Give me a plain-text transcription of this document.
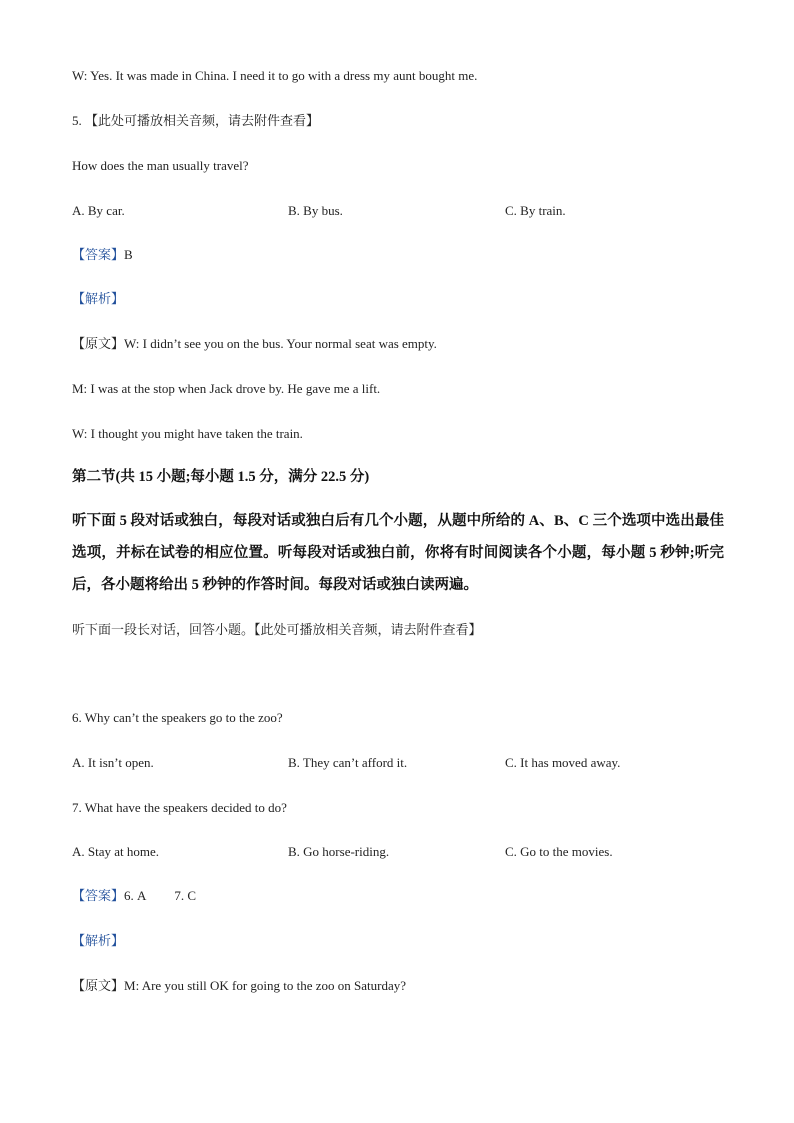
W: Yes. It was made in China. I need it to go with a dress my aunt bought me.
5. 【此处可播放相关音频，请去附件查看】
How does the man usually travel?
A. By car.	B. By bus.	C. By train.
【答案】B
【解析】
【原文】W: I didn’t see you on the bus. Your normal seat was empty.
M: I was at the stop when Jack drove by. He gave me a lift.
W: I thought you might have taken the train.
第二节(共 15 小题;每小题 1.5 分，满分 22.5 分)
听下面 5 段对话或独白，每段对话或独白后有几个小题，从题中所给的 A、B、C 三个选项中选出最佳选项，并标在试卷的相应位置。听每段对话或独白前，你将有时间阅读各个小题，每小题 5 秒钟;听完后，各小题将给出 5 秒钟的作答时间。每段对话或独白读两遍。
听下面一段长对话，回答小题。【此处可播放相关音频，请去附件查看】
6. Why can’t the speakers go to the zoo?
A. It isn’t open.	B. They can’t afford it.	C. It has moved away.
7. What have the speakers decided to do?
A. Stay at home.	B. Go horse-riding.	C. Go to the movies.
【答案】6. A 7. C
【解析】
【原文】M: Are you still OK for going to the zoo on Saturday?
